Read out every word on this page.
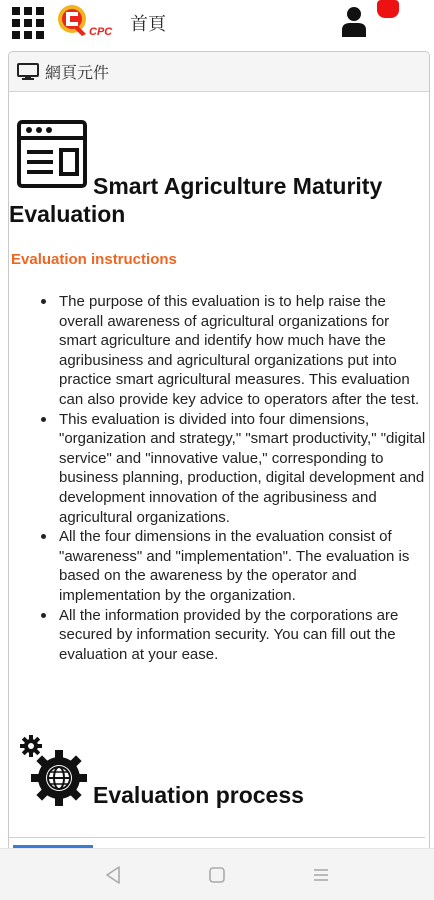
CPC 首頁
網頁元件
Smart Agriculture Maturity Evaluation
Evaluation instructions
The purpose of this evaluation is to help raise the overall awareness of agricultural organizations for smart agriculture and identify how much have the agribusiness and agricultural organizations put into practice smart agricultural measures. This evaluation can also provide key advice to operators after the test.
This evaluation is divided into four dimensions, "organization and strategy," "smart productivity," "digital service" and "innovative value," corresponding to business planning, production, digital development and development innovation of the agribusiness and agricultural organizations.
All the four dimensions in the evaluation consist of "awareness" and "implementation". The evaluation is based on the awareness by the operator and implementation by the organization.
All the information provided by the corporations are secured by information security. You can fill out the evaluation at your ease.
Evaluation process
